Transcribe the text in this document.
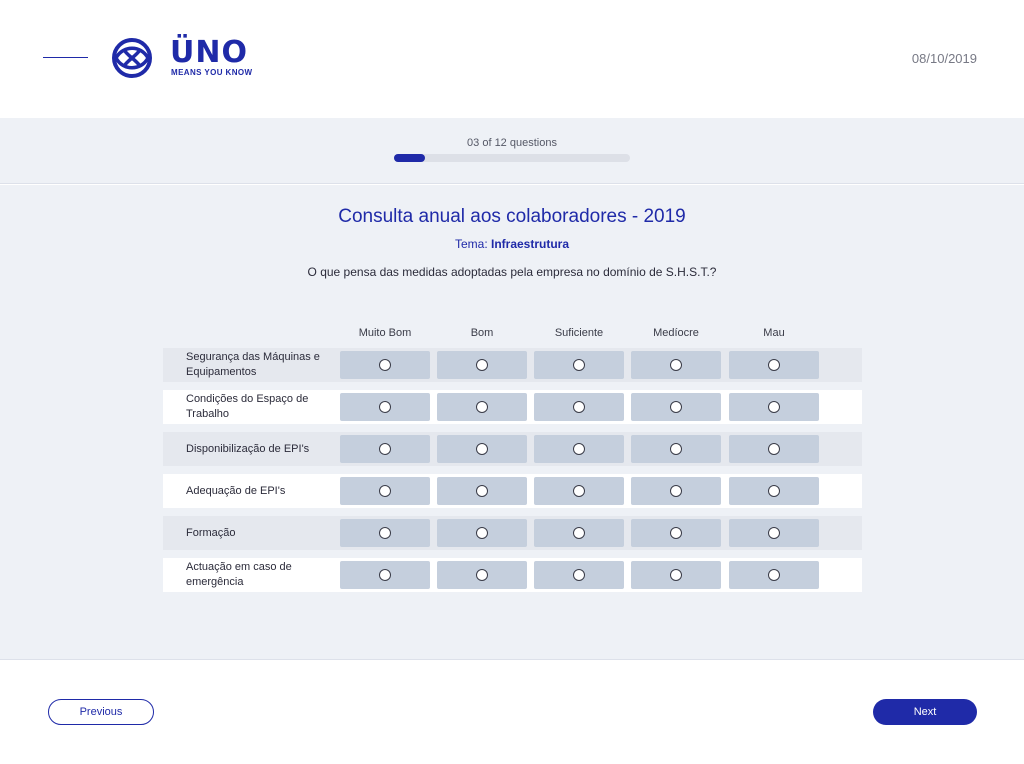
ÜNO
MEANS YOU KNOW
08/10/2019
03 of 12 questions
Consulta anual aos colaboradores - 2019
Tema: Infraestrutura
O que pensa das medidas adoptadas pela empresa no domínio de S.H.S.T.?
Muito Bom	Bom	Suficiente	Medíocre	Mau
Segurança das Máquinas e Equipamentos
Condições do Espaço de Trabalho
Disponibilização de EPI's
Adequação de EPI's
Formação
Actuação em caso de emergência
Previous	Next
